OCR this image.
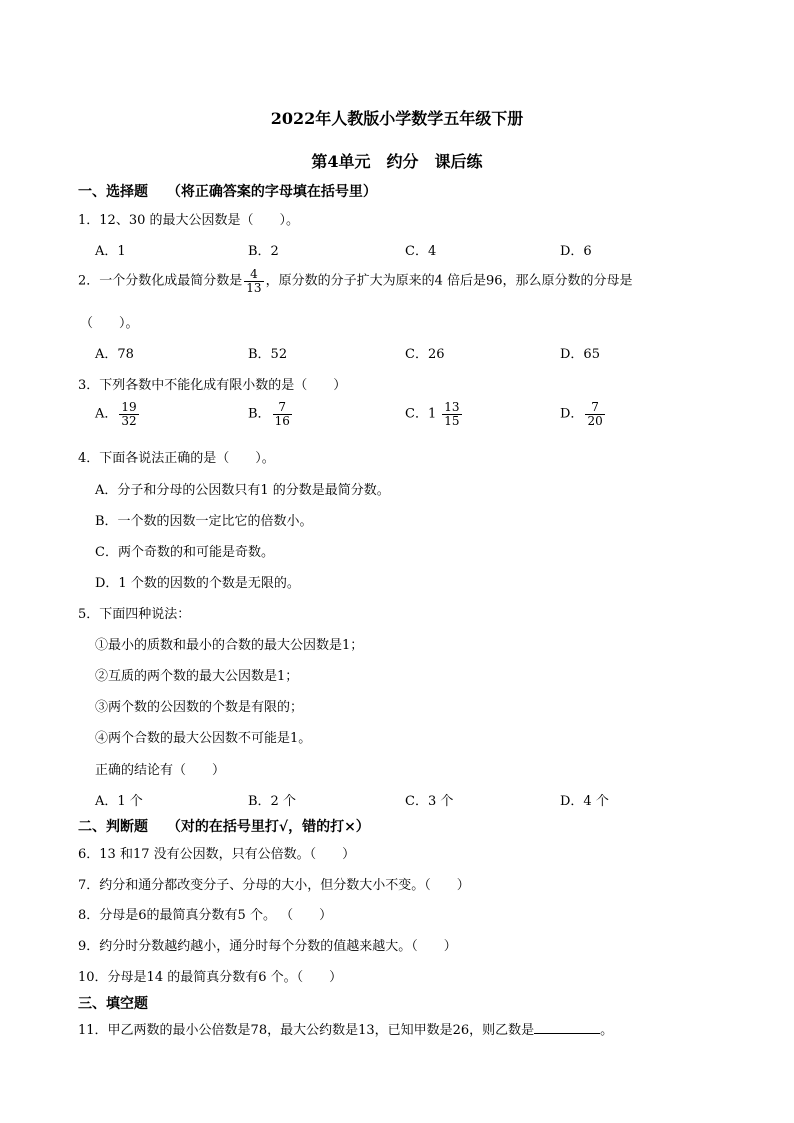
2022年人教版小学数学五年级下册
第4单元　约分　课后练
一、选择题 （将正确答案的字母填在括号里）
1．12、30 的最大公因数是（　　）。
A．1	B．2	C．4	D．6
2．一个分数化成最简分数是 $\frac{4}{13}$ ，原分数的分子扩大为原来的4 倍后是96，那么原分数的分母是
（　　）。
A．78	B．52	C．26	D．65
3．下列各数中不能化成有限小数的是（　　）
A． $\frac{19}{32}$	B． $\frac{7}{16}$	C．$1 \frac{13}{15}$	D． $\frac{7}{20}$
4．下面各说法正确的是（　　）。
A．分子和分母的公因数只有1 的分数是最简分数。
B．一个数的因数一定比它的倍数小。
C．两个奇数的和可能是奇数。
D．1 个数的因数的个数是无限的。
5．下面四种说法：
①最小的质数和最小的合数的最大公因数是1；
②互质的两个数的最大公因数是1；
③两个数的公因数的个数是有限的；
④两个合数的最大公因数不可能是1。
正确的结论有（　　）
A．1 个	B．2 个	C．3 个	D．4 个
二、判断题 （对的在括号里打√，错的打×）
6．13 和17 没有公因数，只有公倍数。（　　）
7．约分和通分都改变分子、分母的大小，但分数大小不变。（　　）
8．分母是6的最简真分数有5 个。 （　　）
9．约分时分数越约越小，通分时每个分数的值越来越大。（　　）
10．分母是14 的最简真分数有6 个。（　　）
三、填空题
11．甲乙两数的最小公倍数是78，最大公约数是13，已知甲数是26，则乙数是	。
